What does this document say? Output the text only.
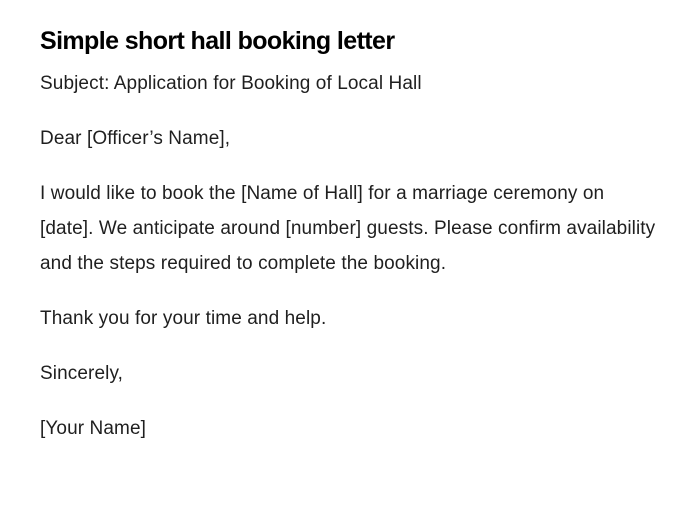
Simple short hall booking letter

Subject: Application for Booking of Local Hall

Dear [Officer’s Name],

I would like to book the [Name of Hall] for a marriage ceremony on [date]. We anticipate around [number] guests. Please confirm availability and the steps required to complete the booking.

Thank you for your time and help.

Sincerely,

[Your Name]
